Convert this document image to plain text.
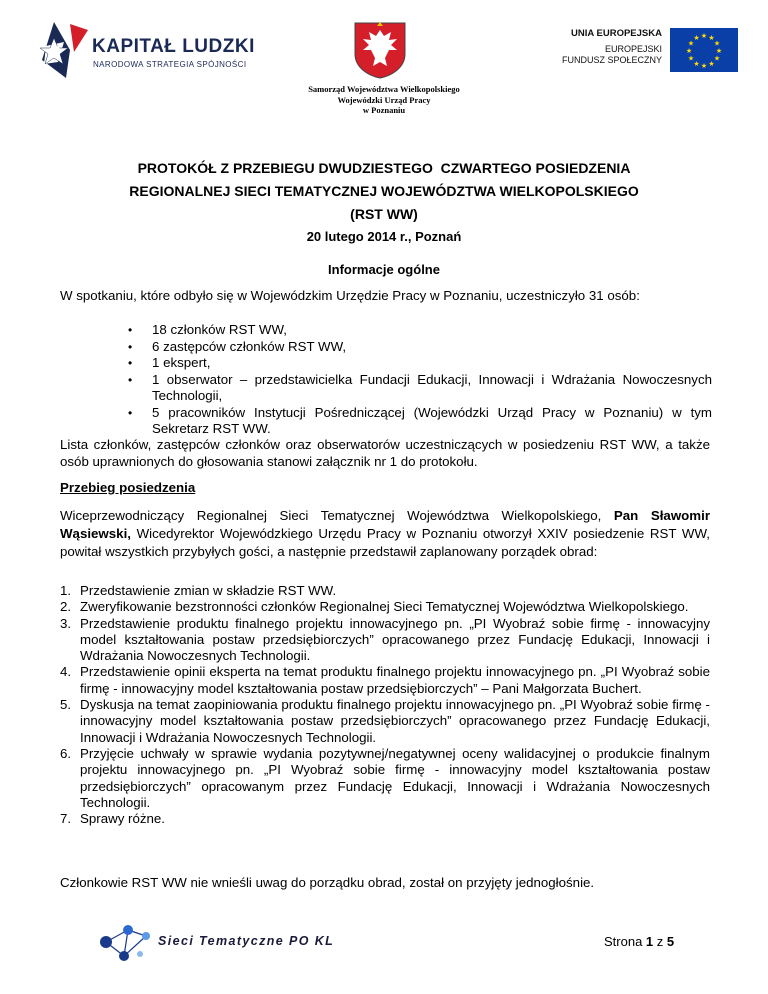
KAPITAŁ LUDZKI
NARODOWA STRATEGIA SPÓJNOŚCI
UNIA EUROPEJSKA
EUROPEJSKI
FUNDUSZ SPOŁECZNY
★ ★
★
★
★
★
★
★
★
★
★
★
Samorząd Województwa Wielkopolskiego
Wojewódzki Urząd Pracy
w Poznaniu
PROTOKÓŁ Z PRZEBIEGU DWUDZIESTEGO  CZWARTEGO POSIEDZENIA
REGIONALNEJ SIECI TEMATYCZNEJ WOJEWÓDZTWA WIELKOPOLSKIEGO
(RST WW)
20 lutego 2014 r., Poznań
Informacje ogólne
W spotkaniu, które odbyło się w Wojewódzkim Urzędzie Pracy w Poznaniu, uczestniczyło 31 osób:
• 18 członków RST WW,
• 6 zastępców członków RST WW,
• 1 ekspert,
• 1 obserwator – przedstawicielka Fundacji Edukacji, Innowacji i Wdrażania Nowoczesnych Technologii,
• 5 pracowników Instytucji Pośredniczącej (Wojewódzki Urząd Pracy w Poznaniu) w tym Sekretarz RST WW.
Lista członków, zastępców członków oraz obserwatorów uczestniczących w posiedzeniu RST WW, a także osób uprawnionych do głosowania stanowi załącznik nr 1 do protokołu.
Przebieg posiedzenia
Wiceprzewodniczący Regionalnej Sieci Tematycznej Województwa Wielkopolskiego, Pan Sławomir Wąsiewski, Wicedyrektor Wojewódzkiego Urzędu Pracy w Poznaniu otworzył XXIV posiedzenie RST WW, powitał wszystkich przybyłych gości, a następnie przedstawił zaplanowany porządek obrad:
1. Przedstawienie zmian w składzie RST WW.
2. Zweryfikowanie bezstronności członków Regionalnej Sieci Tematycznej Województwa Wielkopolskiego.
3. Przedstawienie produktu finalnego projektu innowacyjnego pn. „PI Wyobraź sobie firmę - innowacyjny model kształtowania postaw przedsiębiorczych” opracowanego przez Fundację Edukacji, Innowacji i Wdrażania Nowoczesnych Technologii.
4. Przedstawienie opinii eksperta na temat produktu finalnego projektu innowacyjnego pn. „PI Wyobraź sobie firmę - innowacyjny model kształtowania postaw przedsiębiorczych” – Pani Małgorzata Buchert.
5. Dyskusja na temat zaopiniowania produktu finalnego projektu innowacyjnego pn. „PI Wyobraź sobie firmę - innowacyjny model kształtowania postaw przedsiębiorczych” opracowanego przez Fundację Edukacji, Innowacji i Wdrażania Nowoczesnych Technologii.
6. Przyjęcie uchwały w sprawie wydania pozytywnej/negatywnej oceny walidacyjnej o produkcie finalnym projektu innowacyjnego pn. „PI Wyobraź sobie firmę - innowacyjny model kształtowania postaw przedsiębiorczych” opracowanym przez Fundację Edukacji, Innowacji i Wdrażania Nowoczesnych Technologii.
7. Sprawy różne.
Członkowie RST WW nie wnieśli uwag do porządku obrad, został on przyjęty jednogłośnie.
Sieci Tematyczne PO KL	Strona 1 z 5
